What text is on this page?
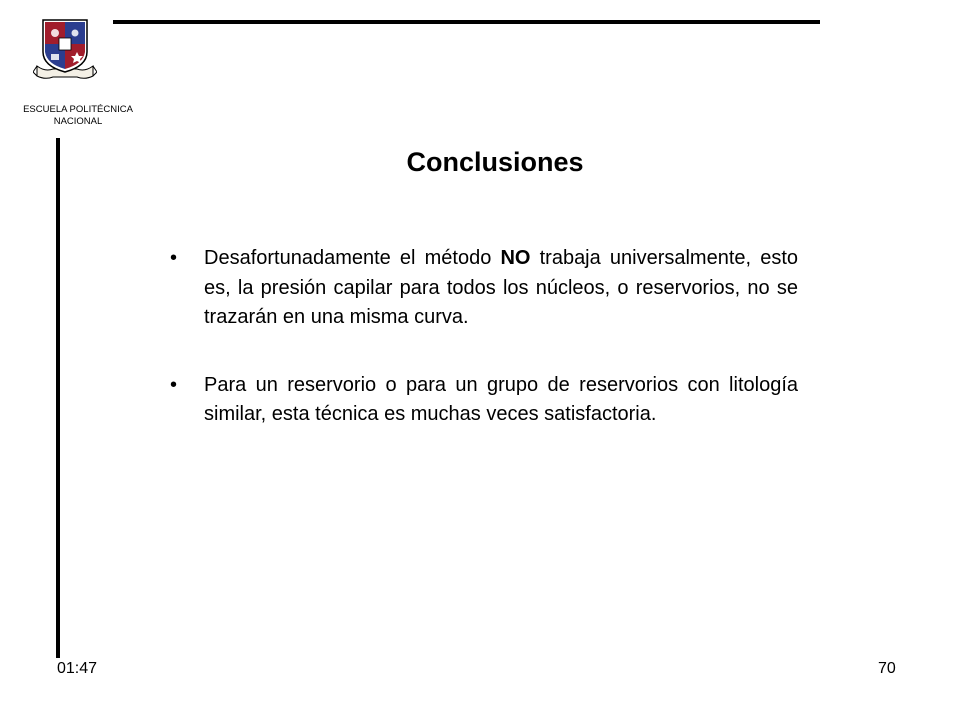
ESCUELA POLITÉCNICA
NACIONAL
Conclusiones
•	Desafortunadamente el método NO trabaja universalmente, esto es, la presión capilar para todos los núcleos, o reservorios, no se trazarán en una misma curva.
•	Para un reservorio o para un grupo de reservorios con litología similar, esta técnica es muchas veces satisfactoria.
01:47	70
